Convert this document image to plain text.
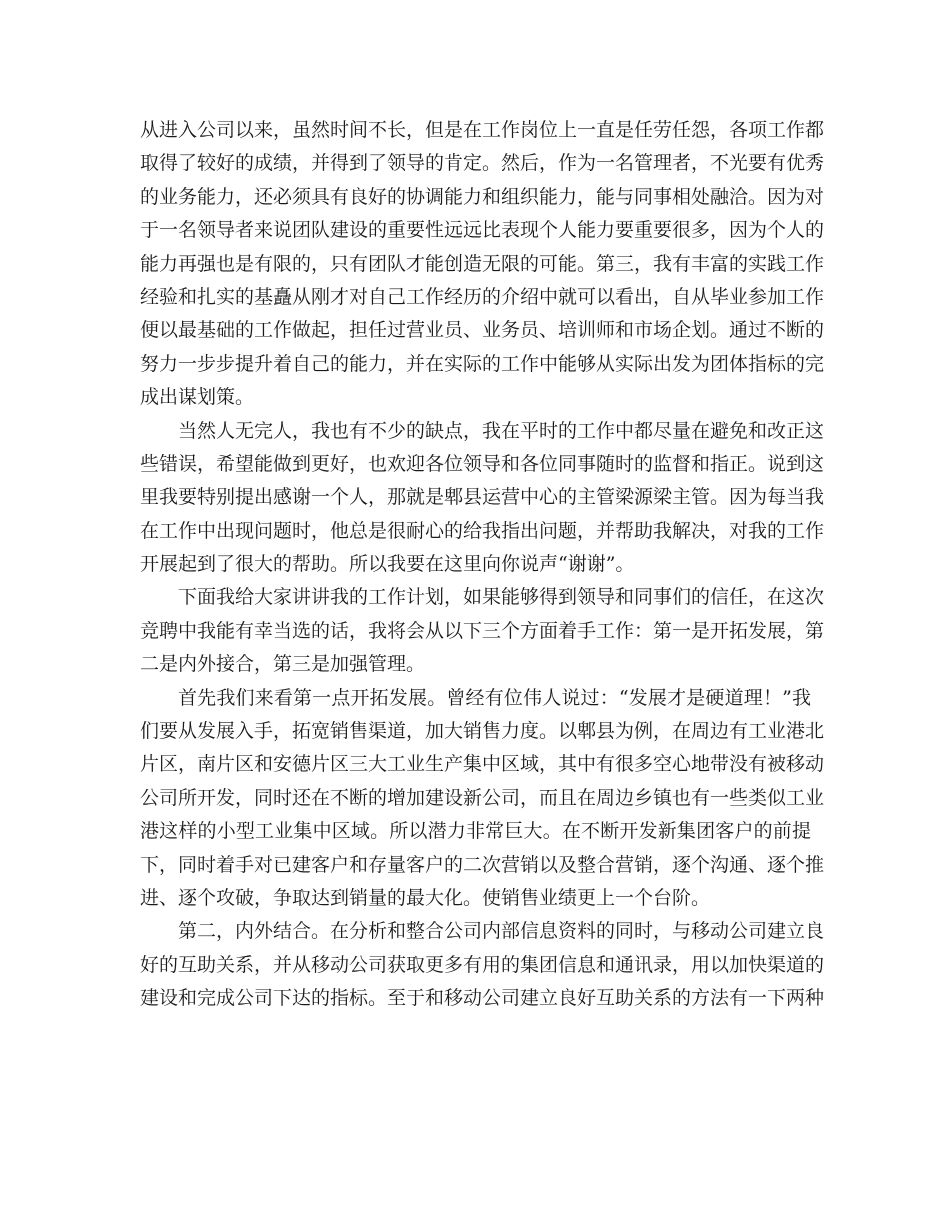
从进入公司以来，虽然时间不长，但是在工作岗位上一直是任劳任怨，各项工作都
取得了较好的成绩，并得到了领导的肯定。然后，作为一名管理者，不光要有优秀
的业务能力，还必须具有良好的协调能力和组织能力，能与同事相处融洽。因为对
于一名领导者来说团队建设的重要性远远比表现个人能力要重要很多，因为个人的
能力再强也是有限的，只有团队才能创造无限的可能。第三，我有丰富的实践工作
经验和扎实的基矗从刚才对自己工作经历的介绍中就可以看出，自从毕业参加工作
便以最基础的工作做起，担任过营业员、业务员、培训师和市场企划。通过不断的
努力一步步提升着自己的能力，并在实际的工作中能够从实际出发为团体指标的完
成出谋划策。
当然人无完人，我也有不少的缺点，我在平时的工作中都尽量在避免和改正这
些错误，希望能做到更好，也欢迎各位领导和各位同事随时的监督和指正。说到这
里我要特别提出感谢一个人，那就是郫县运营中心的主管梁源梁主管。因为每当我
在工作中出现问题时，他总是很耐心的给我指出问题，并帮助我解决，对我的工作
开展起到了很大的帮助。所以我要在这里向你说声“谢谢”。
下面我给大家讲讲我的工作计划，如果能够得到领导和同事们的信任，在这次
竞聘中我能有幸当选的话，我将会从以下三个方面着手工作：第一是开拓发展，第
二是内外接合，第三是加强管理。
首先我们来看第一点开拓发展。曾经有位伟人说过：“发展才是硬道理！”我
们要从发展入手，拓宽销售渠道，加大销售力度。以郫县为例，在周边有工业港北
片区，南片区和安德片区三大工业生产集中区域，其中有很多空心地带没有被移动
公司所开发，同时还在不断的增加建设新公司，而且在周边乡镇也有一些类似工业
港这样的小型工业集中区域。所以潜力非常巨大。在不断开发新集团客户的前提
下，同时着手对已建客户和存量客户的二次营销以及整合营销，逐个沟通、逐个推
进、逐个攻破，争取达到销量的最大化。使销售业绩更上一个台阶。
第二，内外结合。在分析和整合公司内部信息资料的同时，与移动公司建立良
好的互助关系，并从移动公司获取更多有用的集团信息和通讯录，用以加快渠道的
建设和完成公司下达的指标。至于和移动公司建立良好互助关系的方法有一下两种
